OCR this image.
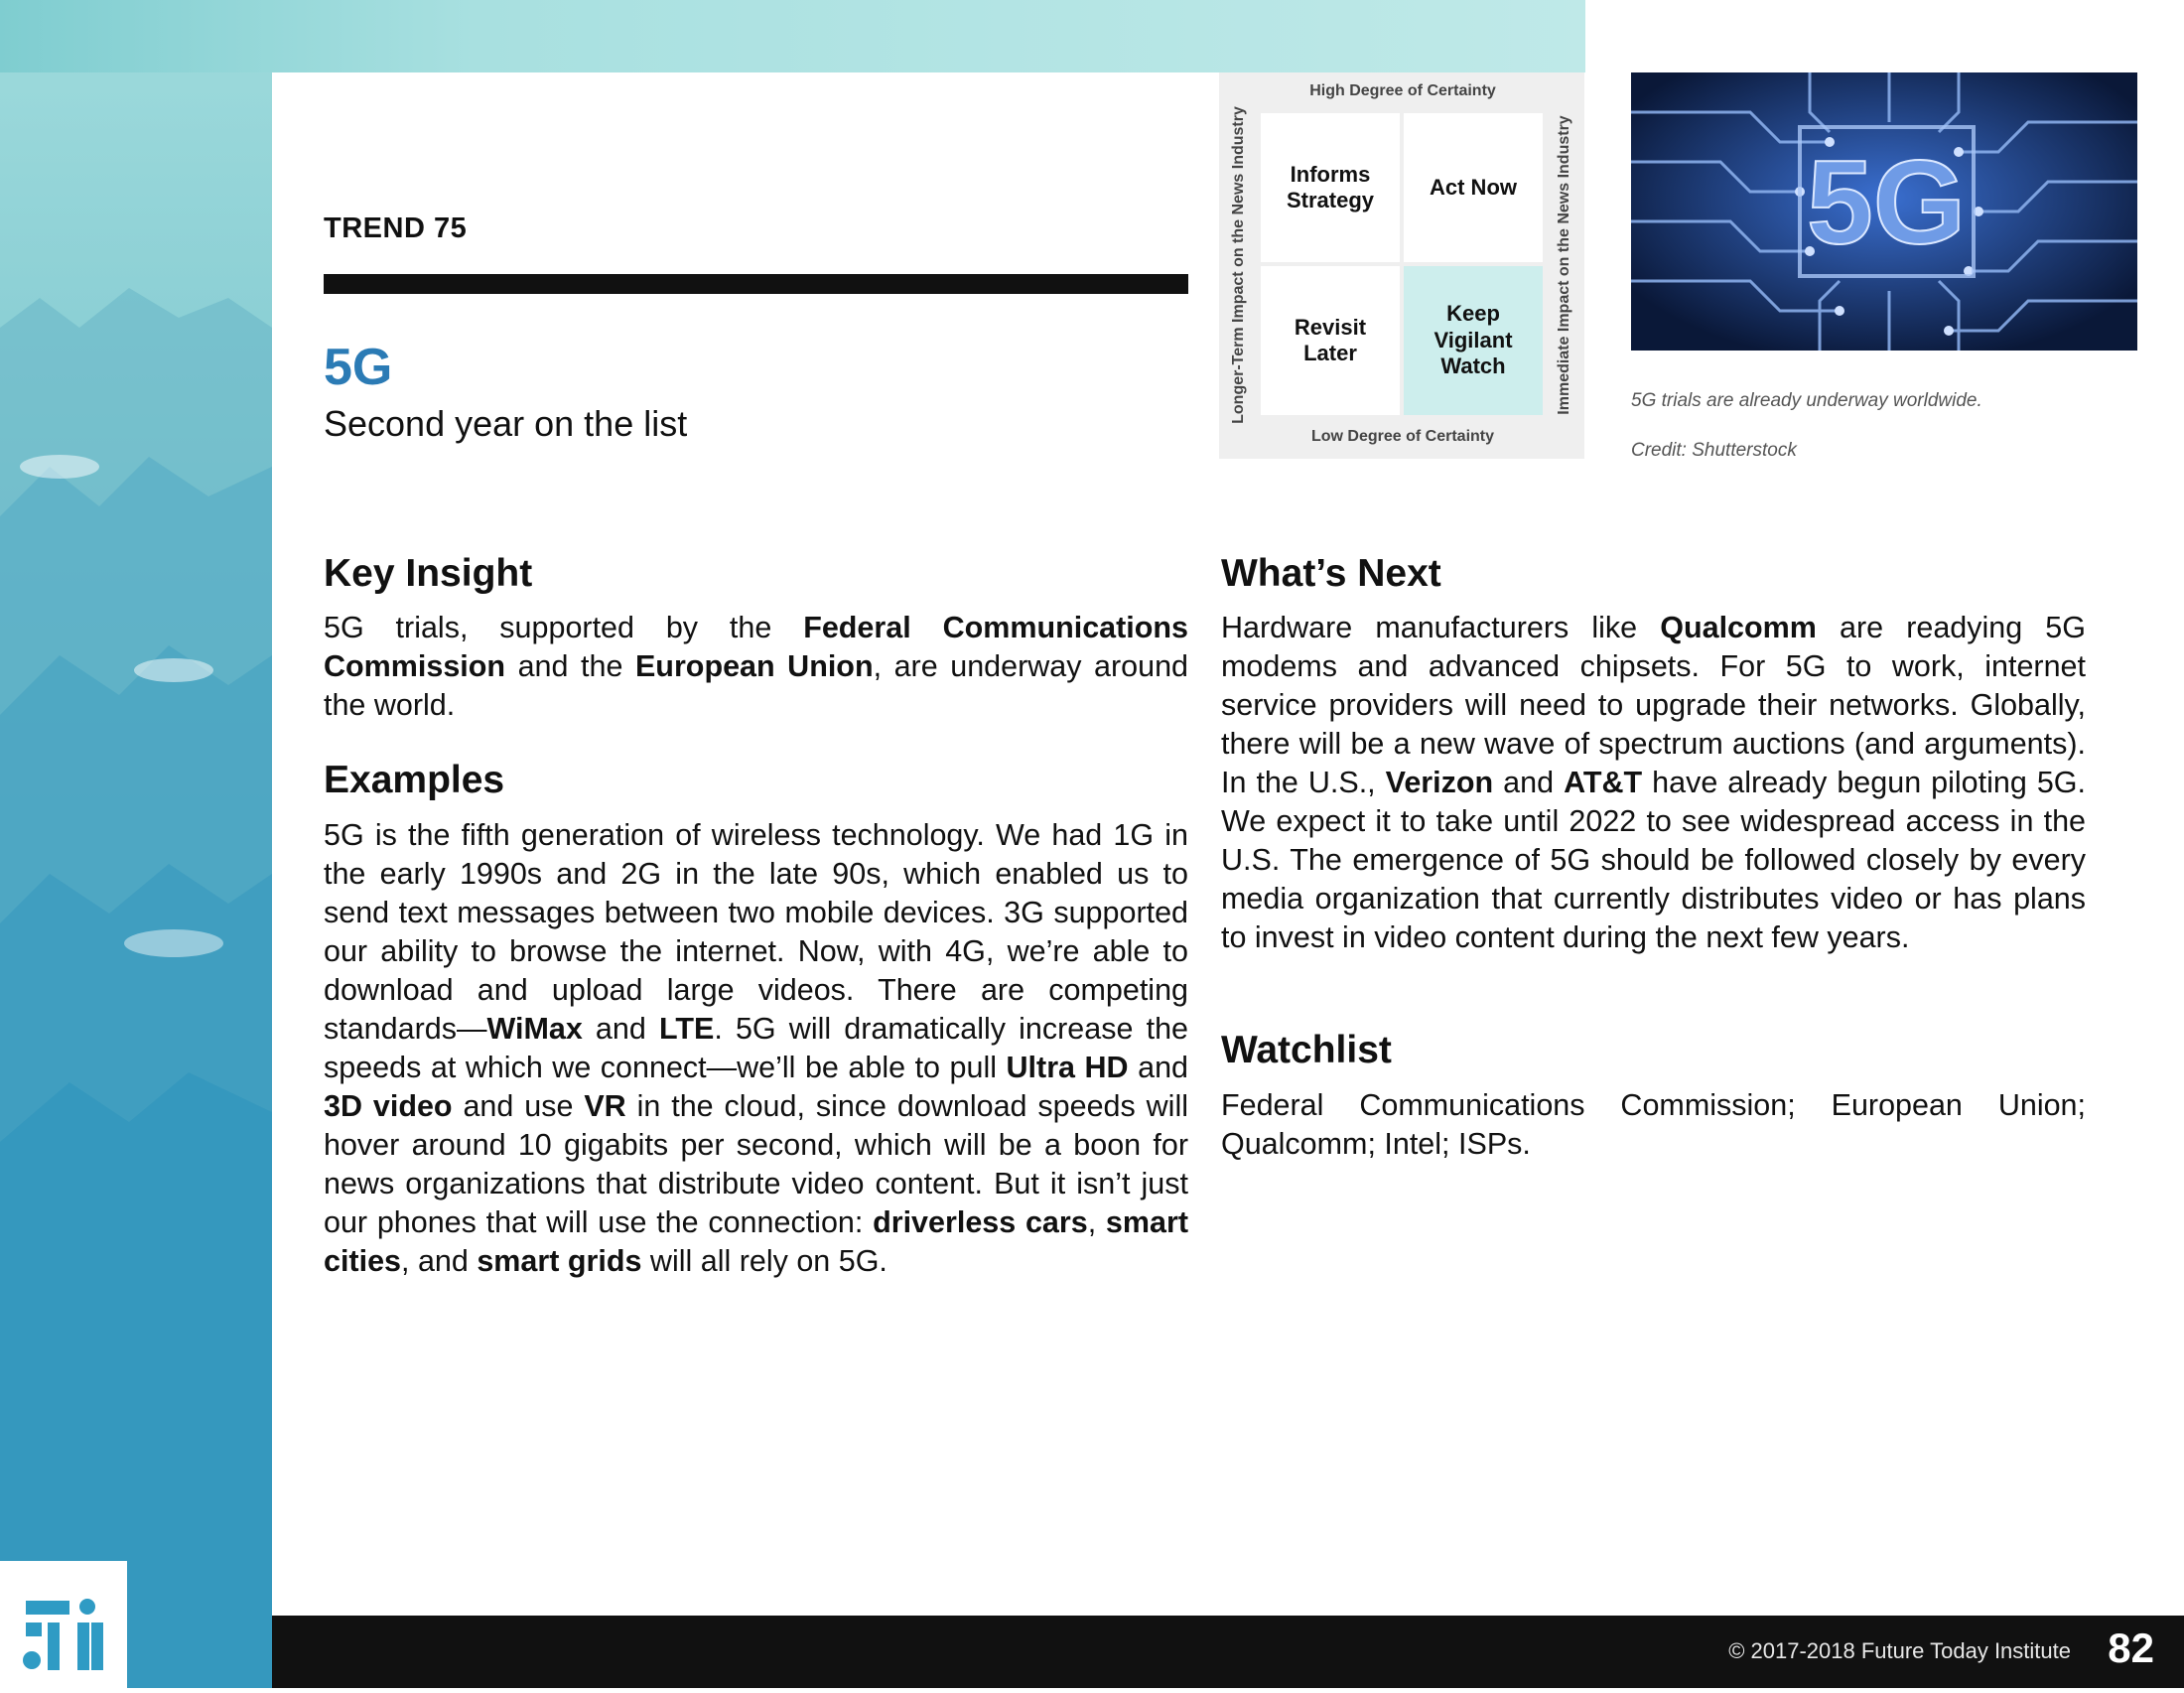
TREND 75
5G
Second year on the list
High Degree of Certainty
Low Degree of Certainty
Longer-Term Impact on the News Industry	Immediate Impact on the News Industry
Informs Strategy
Act Now
Revisit Later
Keep Vigilant Watch
5G
5G trials are already underway worldwide.
Credit: Shutterstock
Key Insight

5G trials, supported by the Federal Communications Commission and the European Union, are underway around the world.

Examples

5G is the fifth generation of wireless technology. We had 1G in the early 1990s and 2G in the late 90s, which enabled us to send text messages between two mobile devices. 3G supported our ability to browse the internet. Now, with 4G, we’re able to download and upload large videos. There are competing standards—WiMax and LTE. 5G will dramatically increase the speeds at which we connect—we’ll be able to pull Ultra HD and 3D video and use VR in the cloud, since download speeds will hover around 10 gigabits per second, which will be a boon for news organizations that distribute video content. But it isn’t just our phones that will use the connection: driverless cars, smart cities, and smart grids will all rely on 5G.

What’s Next

Hardware manufacturers like Qualcomm are readying 5G modems and advanced chipsets. For 5G to work, internet service providers will need to upgrade their networks. Globally, there will be a new wave of spectrum auctions (and arguments). In the U.S., Verizon and AT&T have already begun piloting 5G. We expect it to take until 2022 to see widespread access in the U.S. The emergence of 5G should be followed closely by every media organization that currently distributes video or has plans to invest in video content during the next few years.

Watchlist

Federal Communications Commission; European Union; Qualcomm; Intel; ISPs.

© 2017-2018 Future Today Institute 82
